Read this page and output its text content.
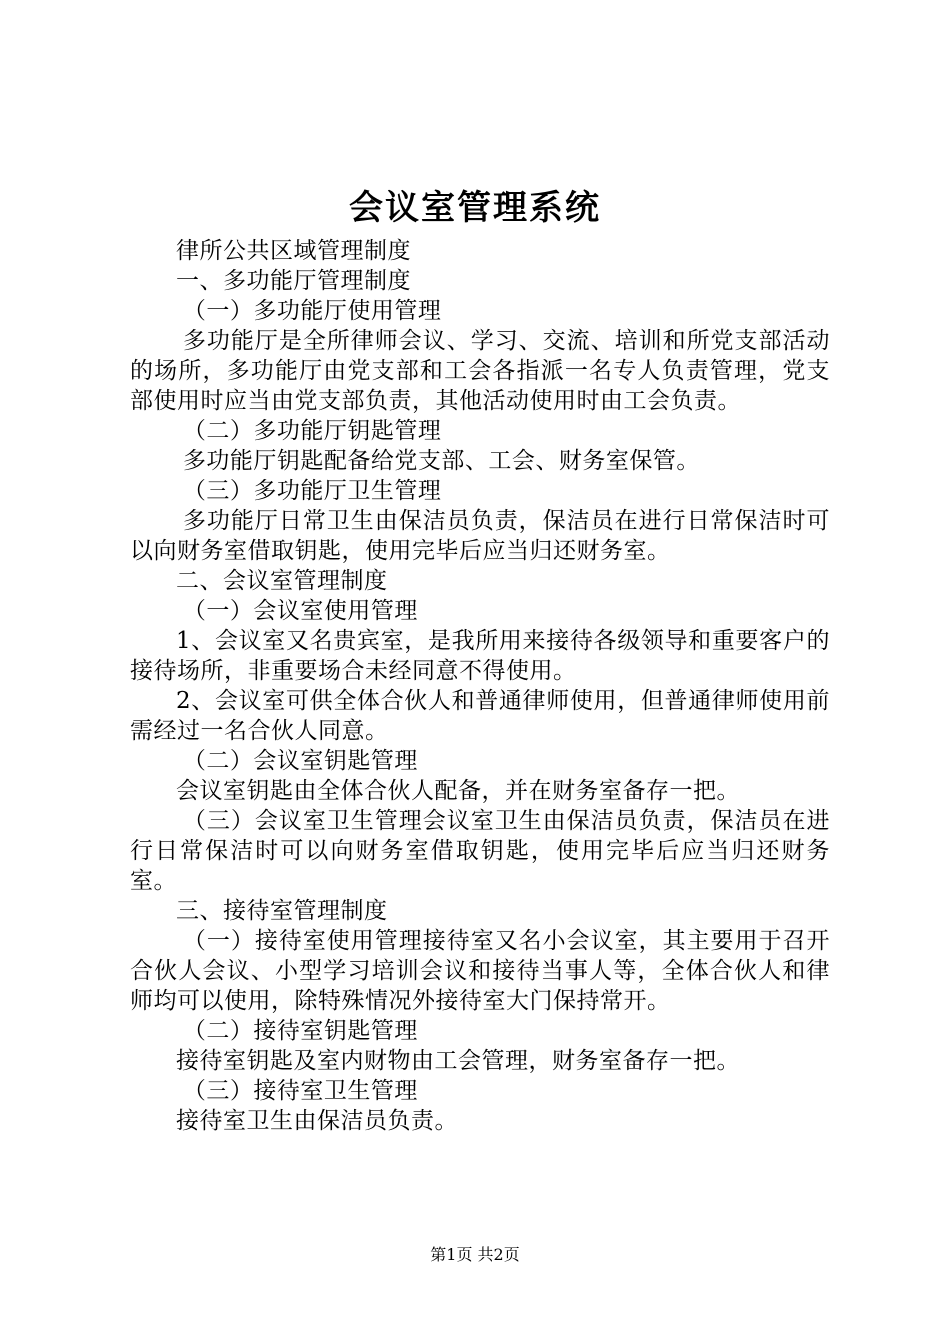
会议室管理系统

律所公共区域管理制度

一、多功能厅管理制度

（一）多功能厅使用管理

多功能厅是全所律师会议、学习、交流、培训和所党支部活动的场所，多功能厅由党支部和工会各指派一名专人负责管理，党支部使用时应当由党支部负责，其他活动使用时由工会负责。

（二）多功能厅钥匙管理

多功能厅钥匙配备给党支部、工会、财务室保管。

（三）多功能厅卫生管理

多功能厅日常卫生由保洁员负责，保洁员在进行日常保洁时可以向财务室借取钥匙，使用完毕后应当归还财务室。

二、会议室管理制度

（一）会议室使用管理

1、会议室又名贵宾室，是我所用来接待各级领导和重要客户的接待场所，非重要场合未经同意不得使用。

2、会议室可供全体合伙人和普通律师使用，但普通律师使用前需经过一名合伙人同意。

（二）会议室钥匙管理

会议室钥匙由全体合伙人配备，并在财务室备存一把。

（三）会议室卫生管理会议室卫生由保洁员负责，保洁员在进行日常保洁时可以向财务室借取钥匙，使用完毕后应当归还财务室。

三、接待室管理制度

（一）接待室使用管理接待室又名小会议室，其主要用于召开合伙人会议、小型学习培训会议和接待当事人等，全体合伙人和律师均可以使用，除特殊情况外接待室大门保持常开。

（二）接待室钥匙管理

接待室钥匙及室内财物由工会管理，财务室备存一把。

（三）接待室卫生管理

接待室卫生由保洁员负责。

第1页 共2页
